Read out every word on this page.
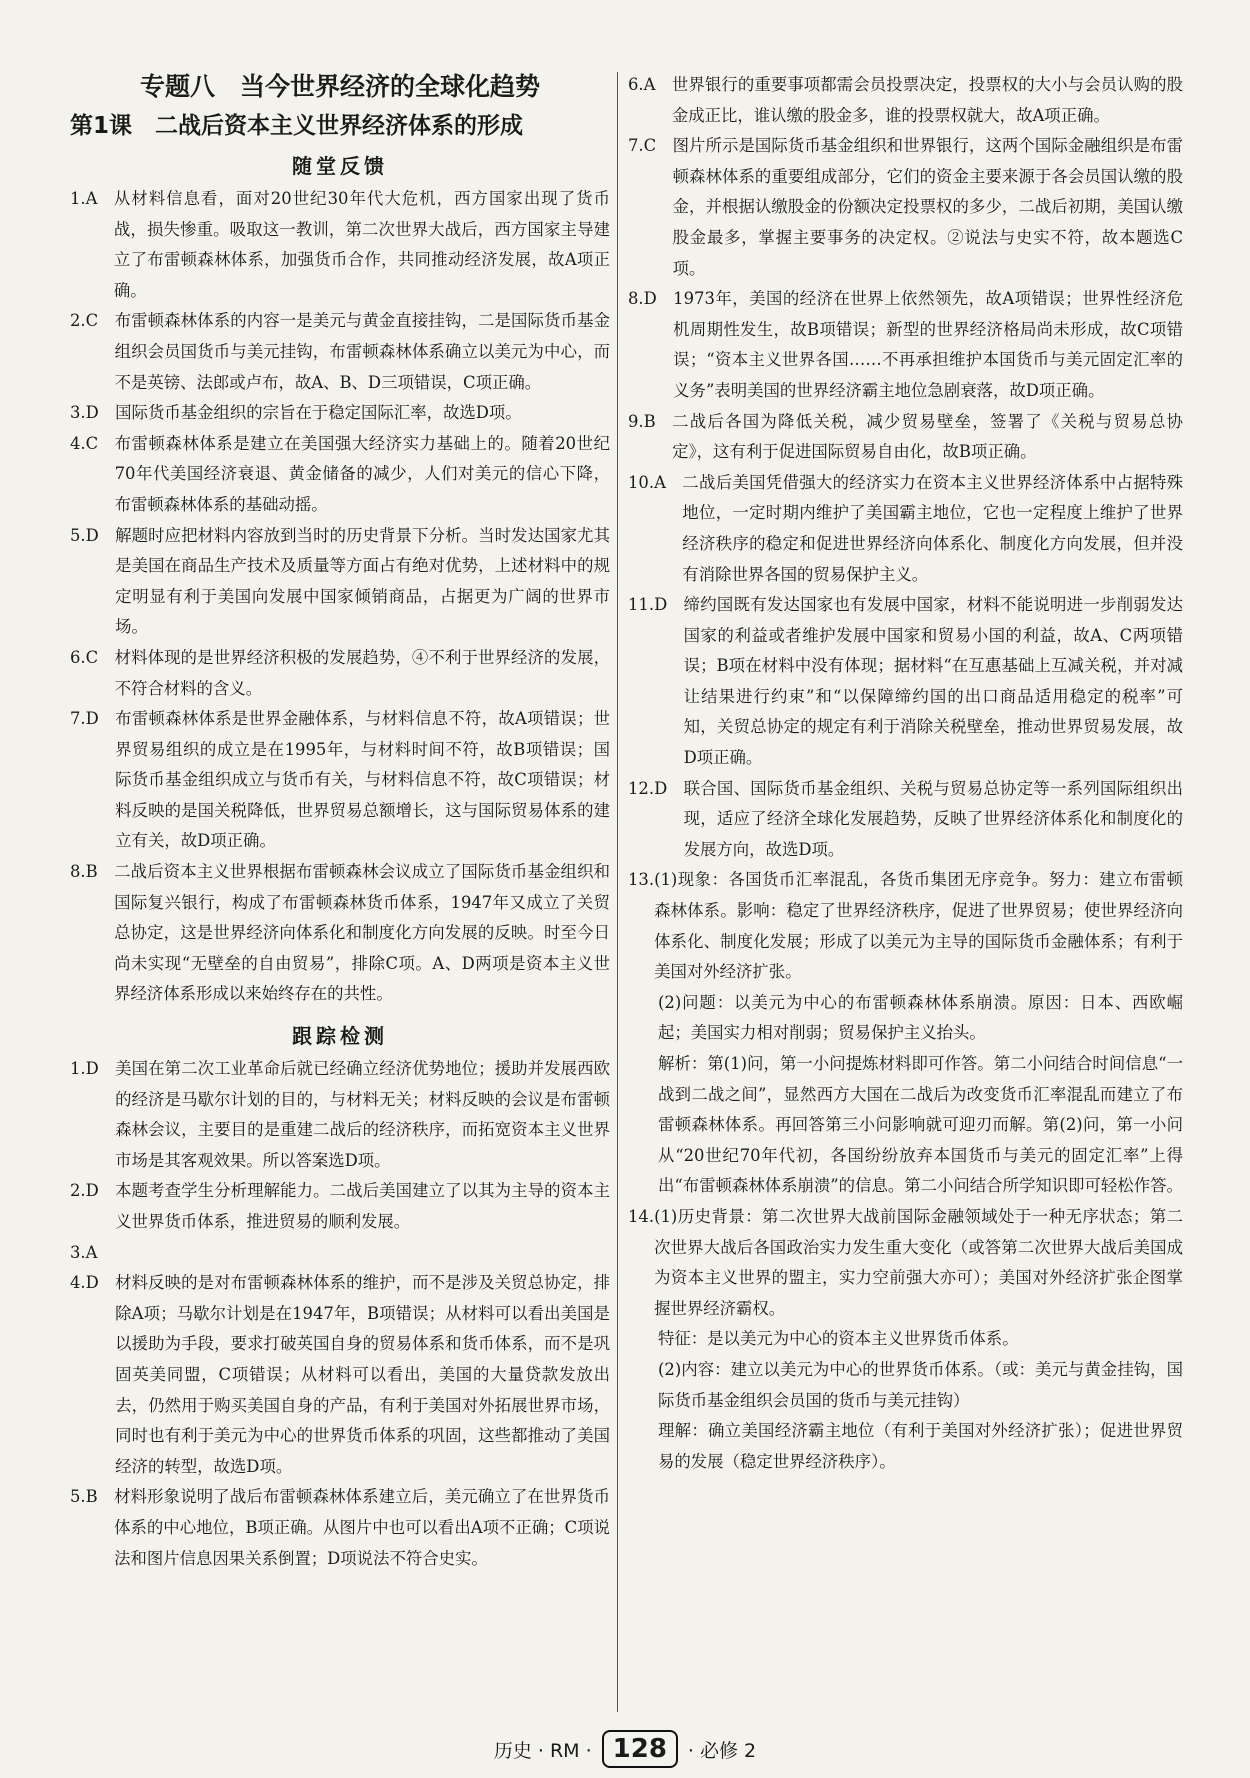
专题八　当今世界经济的全球化趋势
第1课　二战后资本主义世界经济体系的形成
随堂反馈
1.A　 从材料信息看，面对20世纪30年代大危机，西方国家出现了货币战，损失惨重。吸取这一教训，第二次世界大战后，西方国家主导建立了布雷顿森林体系，加强货币合作，共同推动经济发展，故A项正确。
2.C　 布雷顿森林体系的内容一是美元与黄金直接挂钩，二是国际货币基金组织会员国货币与美元挂钩，布雷顿森林体系确立以美元为中心，而不是英镑、法郎或卢布，故A、B、D三项错误，C项正确。
3.D　 国际货币基金组织的宗旨在于稳定国际汇率，故选D项。
4.C　 布雷顿森林体系是建立在美国强大经济实力基础上的。随着20世纪70年代美国经济衰退、黄金储备的减少，人们对美元的信心下降，布雷顿森林体系的基础动摇。
5.D　 解题时应把材料内容放到当时的历史背景下分析。当时发达国家尤其是美国在商品生产技术及质量等方面占有绝对优势，上述材料中的规定明显有利于美国向发展中国家倾销商品，占据更为广阔的世界市场。
6.C　 材料体现的是世界经济积极的发展趋势，④不利于世界经济的发展，不符合材料的含义。
7.D　 布雷顿森林体系是世界金融体系，与材料信息不符，故A项错误；世界贸易组织的成立是在1995年，与材料时间不符，故B项错误；国际货币基金组织成立与货币有关，与材料信息不符，故C项错误；材料反映的是国关税降低，世界贸易总额增长，这与国际贸易体系的建立有关，故D项正确。
8.B　 二战后资本主义世界根据布雷顿森林会议成立了国际货币基金组织和国际复兴银行，构成了布雷顿森林货币体系，1947年又成立了关贸总协定，这是世界经济向体系化和制度化方向发展的反映。时至今日尚未实现“无壁垒的自由贸易”，排除C项。A、D两项是资本主义世界经济体系形成以来始终存在的共性。
跟踪检测
1.D　 美国在第二次工业革命后就已经确立经济优势地位；援助并发展西欧的经济是马歇尔计划的目的，与材料无关；材料反映的会议是布雷顿森林会议，主要目的是重建二战后的经济秩序，而拓宽资本主义世界市场是其客观效果。所以答案选D项。
2.D　 本题考查学生分析理解能力。二战后美国建立了以其为主导的资本主义世界货币体系，推进贸易的顺利发展。
3.A
4.D　 材料反映的是对布雷顿森林体系的维护，而不是涉及关贸总协定，排除A项；马歇尔计划是在1947年，B项错误；从材料可以看出美国是以援助为手段，要求打破英国自身的贸易体系和货币体系，而不是巩固英美同盟，C项错误；从材料可以看出，美国的大量贷款发放出去，仍然用于购买美国自身的产品，有利于美国对外拓展世界市场，同时也有利于美元为中心的世界货币体系的巩固，这些都推动了美国经济的转型，故选D项。
5.B　 材料形象说明了战后布雷顿森林体系建立后，美元确立了在世界货币体系的中心地位，B项正确。从图片中也可以看出A项不正确；C项说法和图片信息因果关系倒置；D项说法不符合史实。
6.A　 世界银行的重要事项都需会员投票决定，投票权的大小与会员认购的股金成正比，谁认缴的股金多，谁的投票权就大，故A项正确。
7.C　 图片所示是国际货币基金组织和世界银行，这两个国际金融组织是布雷顿森林体系的重要组成部分，它们的资金主要来源于各会员国认缴的股金，并根据认缴股金的份额决定投票权的多少，二战后初期，美国认缴股金最多，掌握主要事务的决定权。②说法与史实不符，故本题选C项。
8.D　 1973年，美国的经济在世界上依然领先，故A项错误；世界性经济危机周期性发生，故B项错误；新型的世界经济格局尚未形成，故C项错误；“资本主义世界各国……不再承担维护本国货币与美元固定汇率的义务”表明美国的世界经济霸主地位急剧衰落，故D项正确。
9.B　 二战后各国为降低关税，减少贸易壁垒，签署了《关税与贸易总协定》，这有利于促进国际贸易自由化，故B项正确。
10.A　 二战后美国凭借强大的经济实力在资本主义世界经济体系中占据特殊地位，一定时期内维护了美国霸主地位，它也一定程度上维护了世界经济秩序的稳定和促进世界经济向体系化、制度化方向发展，但并没有消除世界各国的贸易保护主义。
11.D　 缔约国既有发达国家也有发展中国家，材料不能说明进一步削弱发达国家的利益或者维护发展中国家和贸易小国的利益，故A、C两项错误；B项在材料中没有体现；据材料“在互惠基础上互减关税，并对减让结果进行约束”和“以保障缔约国的出口商品适用稳定的税率”可知，关贸总协定的规定有利于消除关税壁垒，推动世界贸易发展，故D项正确。
12.D　 联合国、国际货币基金组织、关税与贸易总协定等一系列国际组织出现，适应了经济全球化发展趋势，反映了世界经济体系化和制度化的发展方向，故选D项。
13. (1)现象：各国货币汇率混乱，各货币集团无序竞争。努力：建立布雷顿森林体系。影响：稳定了世界经济秩序，促进了世界贸易；使世界经济向体系化、制度化发展；形成了以美元为主导的国际货币金融体系；有利于美国对外经济扩张。
(2)问题：以美元为中心的布雷顿森林体系崩溃。原因：日本、西欧崛起；美国实力相对削弱；贸易保护主义抬头。
解析：第(1)问，第一小问提炼材料即可作答。第二小问结合时间信息“一战到二战之间”，显然西方大国在二战后为改变货币汇率混乱而建立了布雷顿森林体系。再回答第三小问影响就可迎刃而解。第(2)问，第一小问从“20世纪70年代初，各国纷纷放弃本国货币与美元的固定汇率”上得出“布雷顿森林体系崩溃”的信息。第二小问结合所学知识即可轻松作答。
14. (1)历史背景：第二次世界大战前国际金融领域处于一种无序状态；第二次世界大战后各国政治实力发生重大变化（或答第二次世界大战后美国成为资本主义世界的盟主，实力空前强大亦可）；美国对外经济扩张企图掌握世界经济霸权。
特征：是以美元为中心的资本主义世界货币体系。
(2)内容：建立以美元为中心的世界货币体系。（或：美元与黄金挂钩，国际货币基金组织会员国的货币与美元挂钩）
理解：确立美国经济霸主地位（有利于美国对外经济扩张）；促进世界贸易的发展（稳定世界经济秩序）。
历史 · RM · 128	· 必修 2
